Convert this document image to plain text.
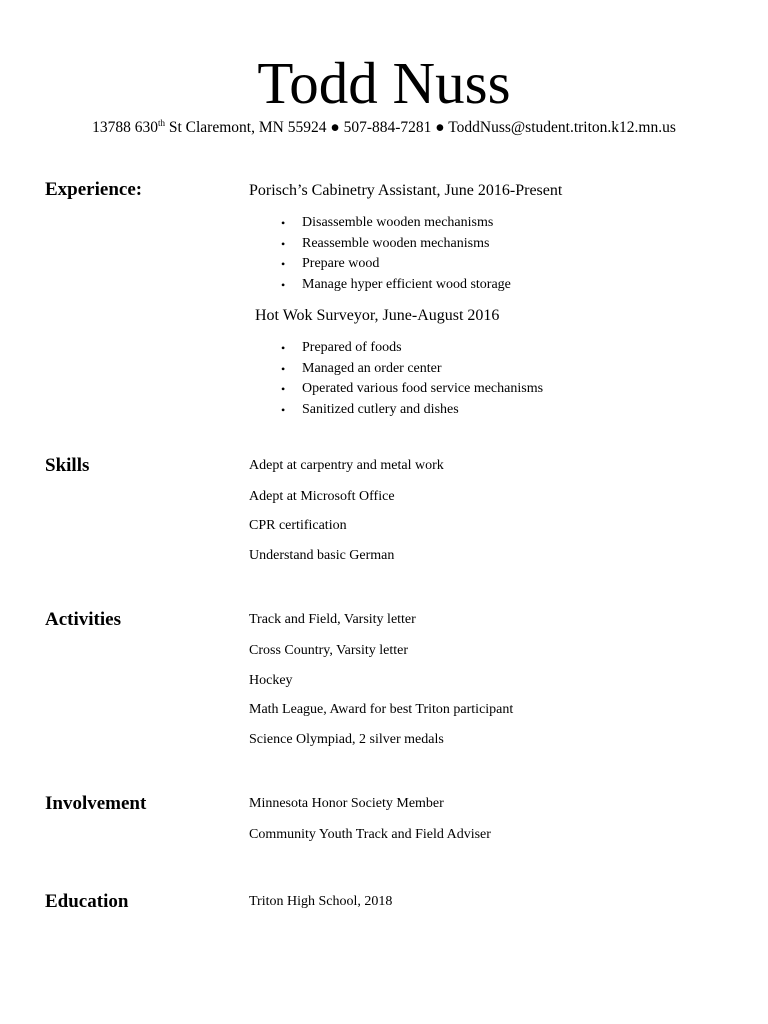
Todd Nuss
13788 630th St Claremont, MN 55924 ● 507-884-7281 ● ToddNuss@student.triton.k12.mn.us
Experience:	Porisch’s Cabinetry Assistant, June 2016-Present
• Disassemble wooden mechanisms
• Reassemble wooden mechanisms
• Prepare wood
• Manage hyper efficient wood storage
Hot Wok Surveyor, June-August 2016
• Prepared of foods
• Managed an order center
• Operated various food service mechanisms
• Sanitized cutlery and dishes
Skills	Adept at carpentry and metal work
Adept at Microsoft Office
CPR certification
Understand basic German
Activities	Track and Field, Varsity letter
Cross Country, Varsity letter
Hockey
Math League, Award for best Triton participant
Science Olympiad, 2 silver medals
Involvement	Minnesota Honor Society Member
Community Youth Track and Field Adviser
Education	Triton High School, 2018
